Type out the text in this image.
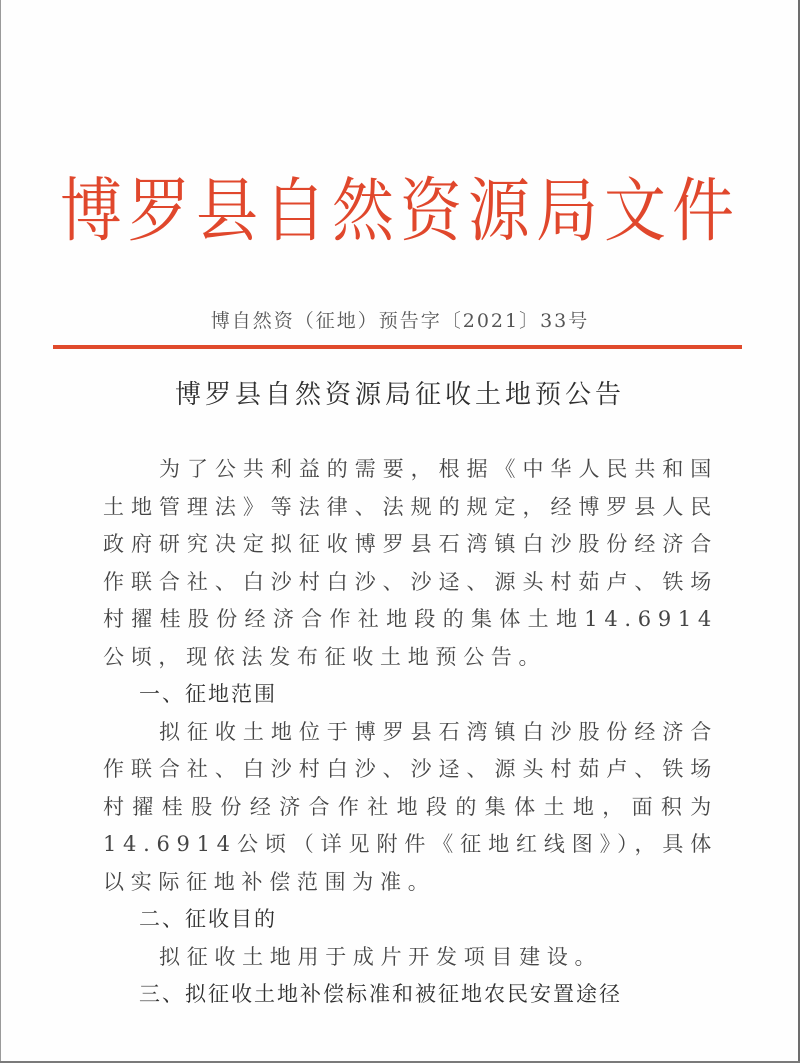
博罗县自然资源局文件
博自然资（征地）预告字〔2021〕33号
博罗县自然资源局征收土地预公告

为了公共利益的需要，根据《中华人民共和国土地管理法》等法律、法规的规定，经博罗县人民政府研究决定拟征收博罗县石湾镇白沙股份经济合作联合社、白沙村白沙、沙迳、源头村茹卢、铁场村擢桂股份经济合作社地段的集体土地14.6914公顷，现依法发布征收土地预公告。

一、征地范围

拟征收土地位于博罗县石湾镇白沙股份经济合作联合社、白沙村白沙、沙迳、源头村茹卢、铁场村擢桂股份经济合作社地段的集体土地，面积为14.6914公顷（详见附件《征地红线图》），具体以实际征地补偿范围为准。

二、征收目的

拟征收土地用于成片开发项目建设。

三、拟征收土地补偿标准和被征地农民安置途径
